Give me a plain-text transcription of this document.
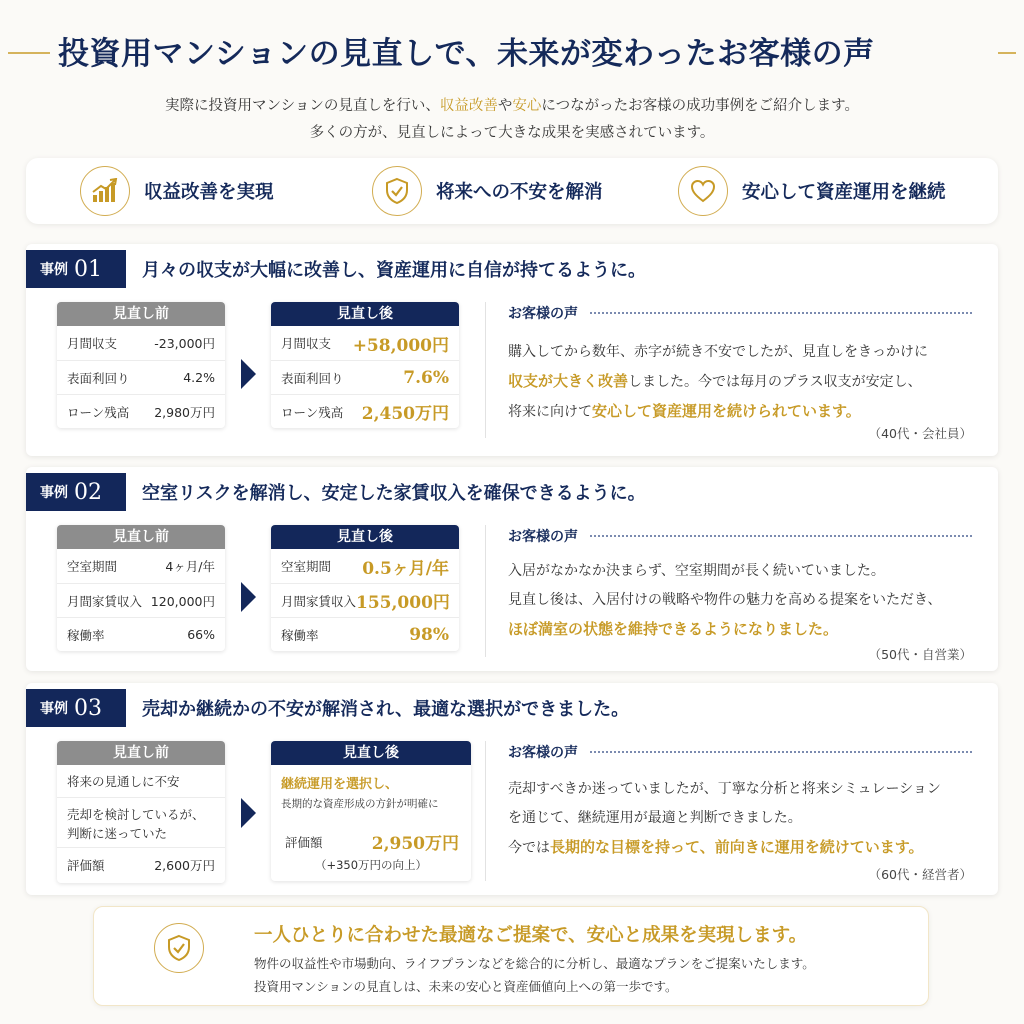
投資用マンションの見直しで、未来が変わったお客様の声
実際に投資用マンションの見直しを行い、収益改善や安心につながったお客様の成功事例をご紹介します。
多くの方が、見直しによって大きな成果を実感されています。
収益改善を実現	将来への不安を解消	安心して資産運用を継続
事例 01 月々の収支が大幅に改善し、資産運用に自信が持てるように。
見直し前
月間収支	-23,000円
表面利回り	4.2%
ローン残高	2,980万円
見直し後
月間収支	+58,000円
表面利回り	7.6%
ローン残高	2,450万円
お客様の声
購入してから数年、赤字が続き不安でしたが、見直しをきっかけに
収支が大きく改善しました。今では毎月のプラス収支が安定し、
将来に向けて安心して資産運用を続けられています。
（40代・会社員）
事例 02 空室リスクを解消し、安定した家賃収入を確保できるように。
見直し前
空室期間	4ヶ月/年
月間家賃収入 120,000円
稼働率	66%
見直し後
空室期間	0.5ヶ月/年
月間家賃収入 155,000円
稼働率	98%
お客様の声
入居がなかなか決まらず、空室期間が長く続いていました。
見直し後は、入居付けの戦略や物件の魅力を高める提案をいただき、
ほぼ満室の状態を維持できるようになりました。
（50代・自営業）
事例 03 売却か継続かの不安が解消され、最適な選択ができました。
見直し前
将来の見通しに不安
売却を検討しているが、
判断に迷っていた
評価額	2,600万円
見直し後
継続運用を選択し、
長期的な資産形成の方針が明確に
評価額	2,950万円
（+350万円の向上）
お客様の声
売却すべきか迷っていましたが、丁寧な分析と将来シミュレーション
を通じて、継続運用が最適と判断できました。
今では長期的な目標を持って、前向きに運用を続けています。
（60代・経営者）
一人ひとりに合わせた最適なご提案で、安心と成果を実現します。
物件の収益性や市場動向、ライフプランなどを総合的に分析し、最適なプランをご提案いたします。
投資用マンションの見直しは、未来の安心と資産価値向上への第一歩です。
